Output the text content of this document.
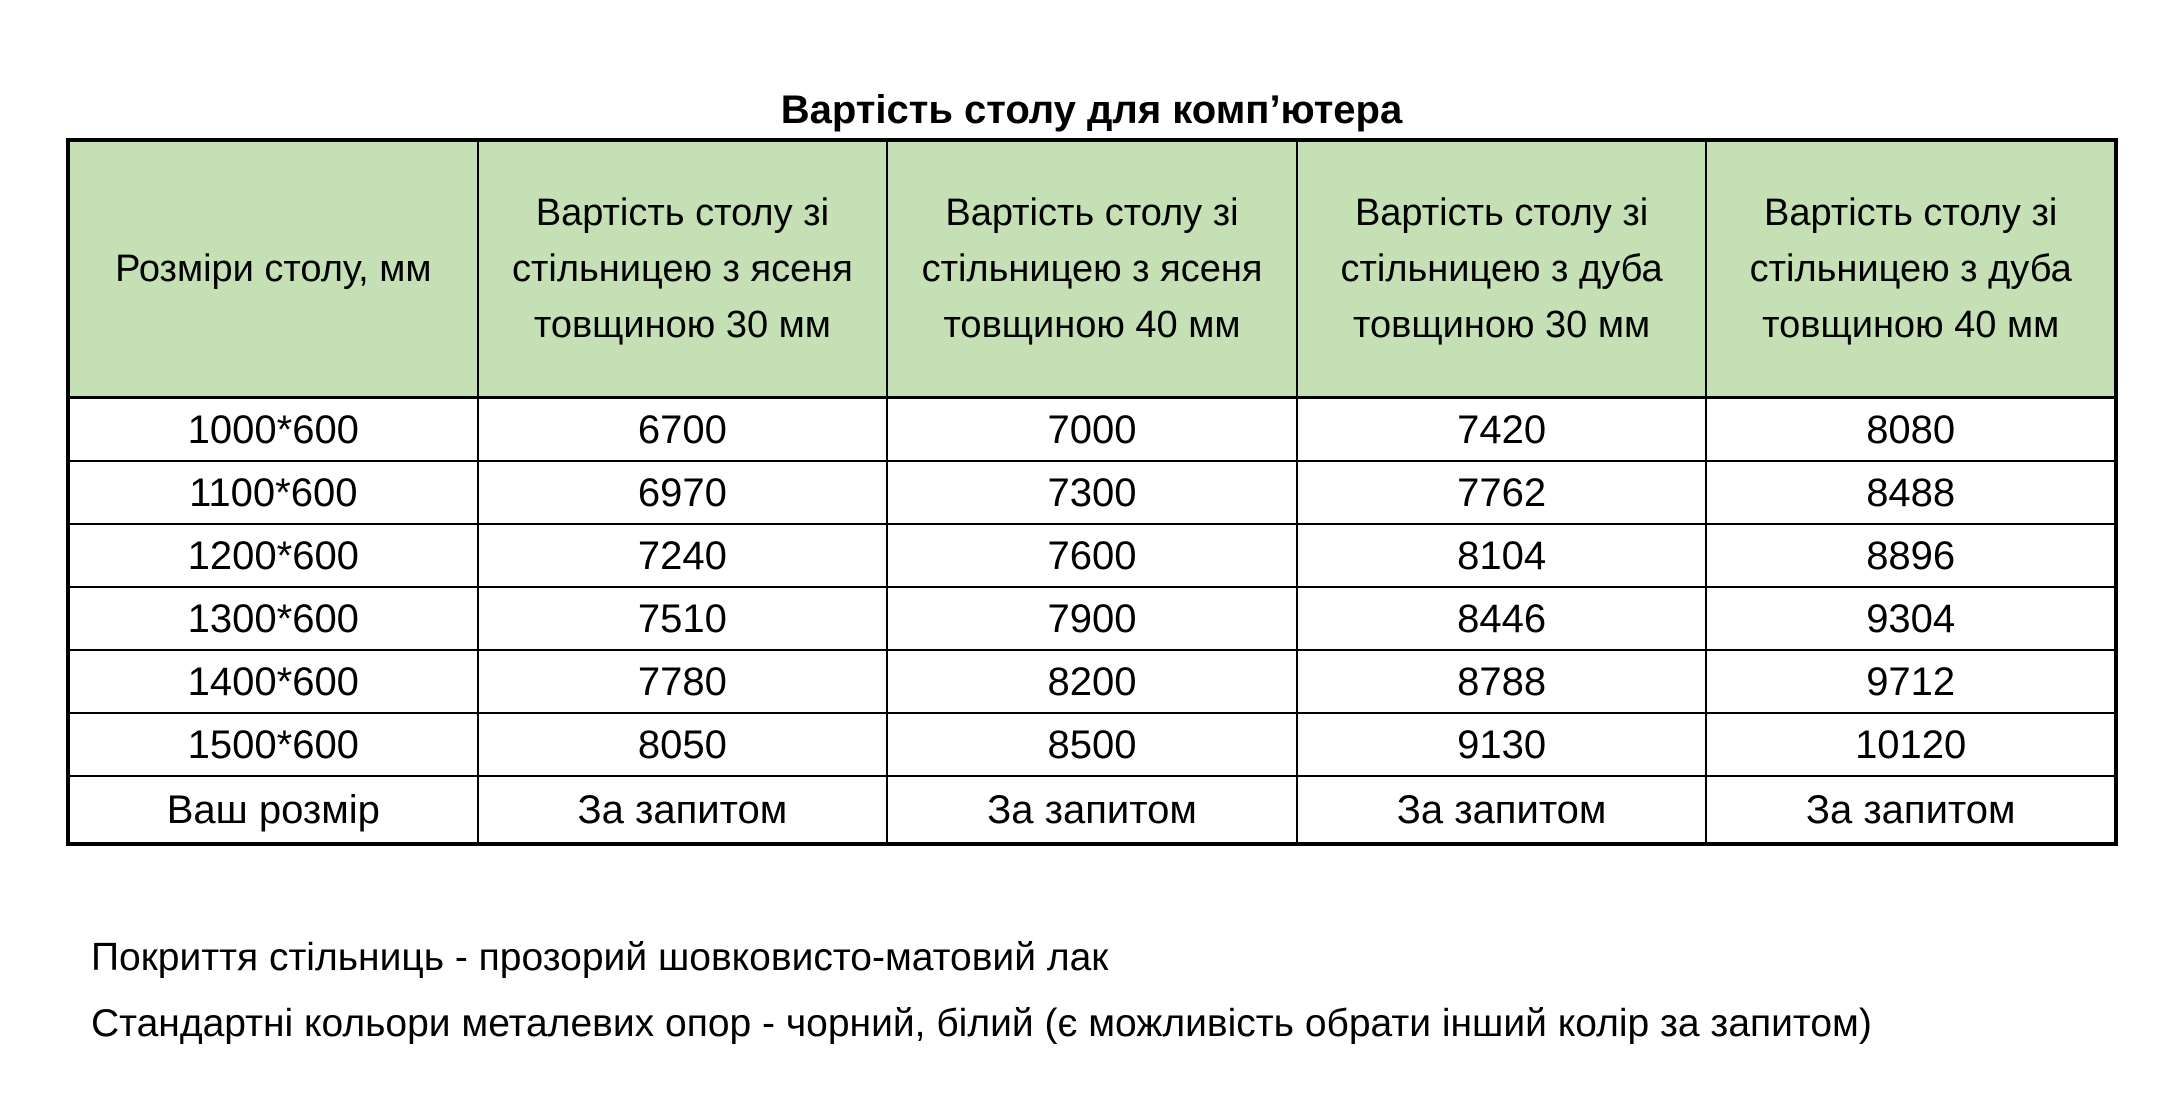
Вартість столу для комп’ютера
Розміри столу, мм	Вартість столу зі стільницею з ясеня товщиною 30 мм	Вартість столу зі стільницею з ясеня товщиною 40 мм	Вартість столу зі стільницею з дуба товщиною 30 мм	Вартість столу зі стільницею з дуба товщиною 40 мм
1000*600	6700	7000	7420	8080
1100*600	6970	7300	7762	8488
1200*600	7240	7600	8104	8896
1300*600	7510	7900	8446	9304
1400*600	7780	8200	8788	9712
1500*600	8050	8500	9130	10120
Ваш розмір	За запитом	За запитом	За запитом	За запитом
Покриття стільниць - прозорий шовковисто-матовий лак
Стандартні кольори металевих опор - чорний, білий (є можливість обрати інший колір за запитом)
